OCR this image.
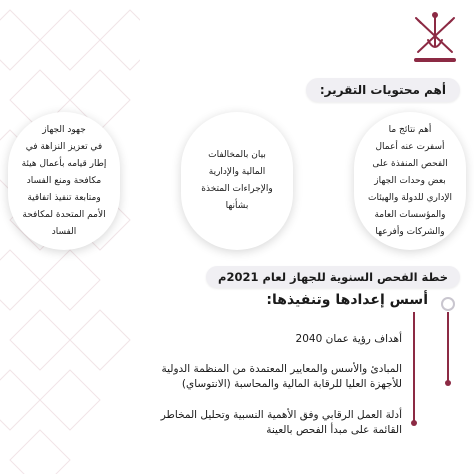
أهم محتويات التقرير:
أهم نتائج ما
أسفرت عنه أعمال
الفحص المنفذة على
بعض وحدات الجهاز
الإداري للدولة والهيئات
والمؤسسات العامة
والشركات وأفرعها
بيان بالمخالفات
المالية والإدارية
والإجراءات المتخذة
بشأنها
جهود الجهاز
في تعزيز النزاهة في
إطار قيامه بأعمال هيئة
مكافحة ومنع الفساد
ومتابعة تنفيذ اتفاقية
الأمم المتحدة لمكافحة
الفساد
خطة الفحص السنوية للجهاز لعام 2021م
أسس إعدادها وتنفيذها:
أهداف رؤية عمان 2040
المبادئ والأسس والمعايير المعتمدة من المنظمة الدولية
للأجهزة العليا للرقابة المالية والمحاسبة (الانتوساي)
أدلة العمل الرقابي وفق الأهمية النسبية وتحليل المخاطر
القائمة على مبدأ الفحص بالعينة
